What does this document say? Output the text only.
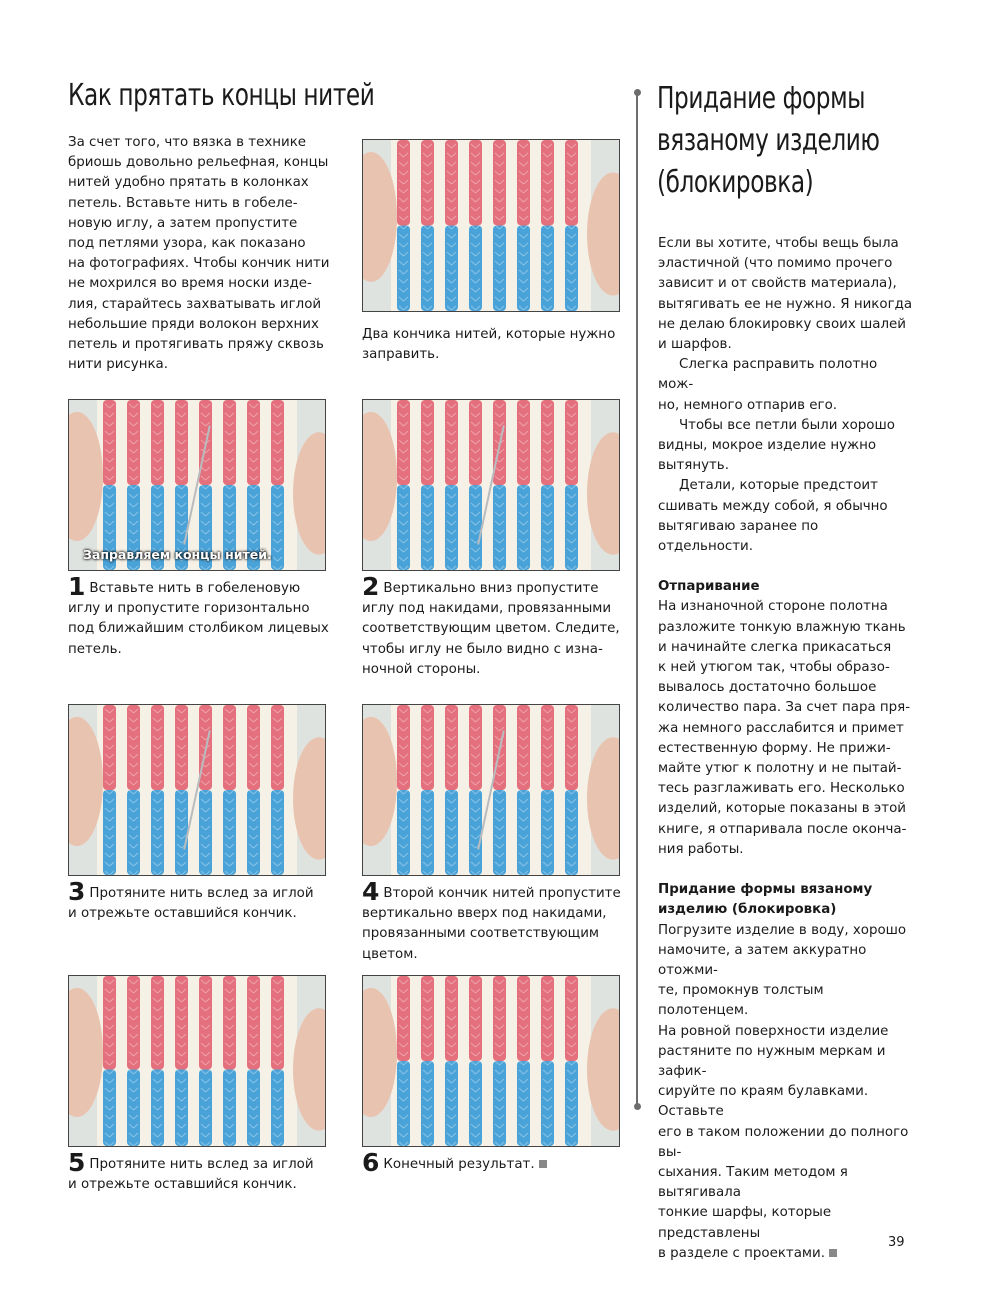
Как прятать концы нитей

За счет того, что вязка в технике
бриошь довольно рельефная, концы
нитей удобно прятать в колонках
петель. Вставьте нить в гобеле-
новую иглу, а затем пропустите
под петлями узора, как показано
на фотографиях. Чтобы кончик нити
не мохрился во время носки изде-
лия, старайтесь захватывать иглой
небольшие пряди волокон верхних
петель и протягивать пряжу сквозь
нити рисунка.

Два кончика нитей, которые нужно
заправить.

Заправляем концы нитей.

1 Вставьте нить в гобеленовую
иглу и пропустите горизонтально
под ближайшим столбиком лицевых
петель.

2 Вертикально вниз пропустите
иглу под накидами, провязанными
соответствующим цветом. Следите,
чтобы иглу не было видно с изна-
ночной стороны.

3 Протяните нить вслед за иглой
и отрежьте оставшийся кончик.

4 Второй кончик нитей пропустите
вертикально вверх под накидами,
провязанными соответствующим
цветом.

5 Протяните нить вслед за иглой
и отрежьте оставшийся кончик.

6 Конечный результат.

Придание формы
вязаному изделию
(блокировка)

Если вы хотите, чтобы вещь была
эластичной (что помимо прочего
зависит и от свойств материала),
вытягивать ее не нужно. Я никогда
не делаю блокировку своих шалей
и шарфов.

Слегка расправить полотно мож-
но, немного отпарив его.

Чтобы все петли были хорошо
видны, мокрое изделие нужно
вытянуть.

Детали, которые предстоит
сшивать между собой, я обычно
вытягиваю заранее по отдельности.

Отпаривание

На изнаночной стороне полотна
разложите тонкую влажную ткань
и начинайте слегка прикасаться
к ней утюгом так, чтобы образо-
вывалось достаточно большое
количество пара. За счет пара пря-
жа немного расслабится и примет
естественную форму. Не прижи-
майте утюг к полотну и не пытай-
тесь разглаживать его. Несколько
изделий, которые показаны в этой
книге, я отпаривала после оконча-
ния работы.

Придание формы вязаному
изделию (блокировка)

Погрузите изделие в воду, хорошо
намочите, а затем аккуратно отожми-
те, промокнув толстым полотенцем.
На ровной поверхности изделие
растяните по нужным меркам и зафик-
сируйте по краям булавками. Оставьте
его в таком положении до полного вы-
сыхания. Таким методом я вытягивала
тонкие шарфы, которые представлены
в разделе с проектами.

39
